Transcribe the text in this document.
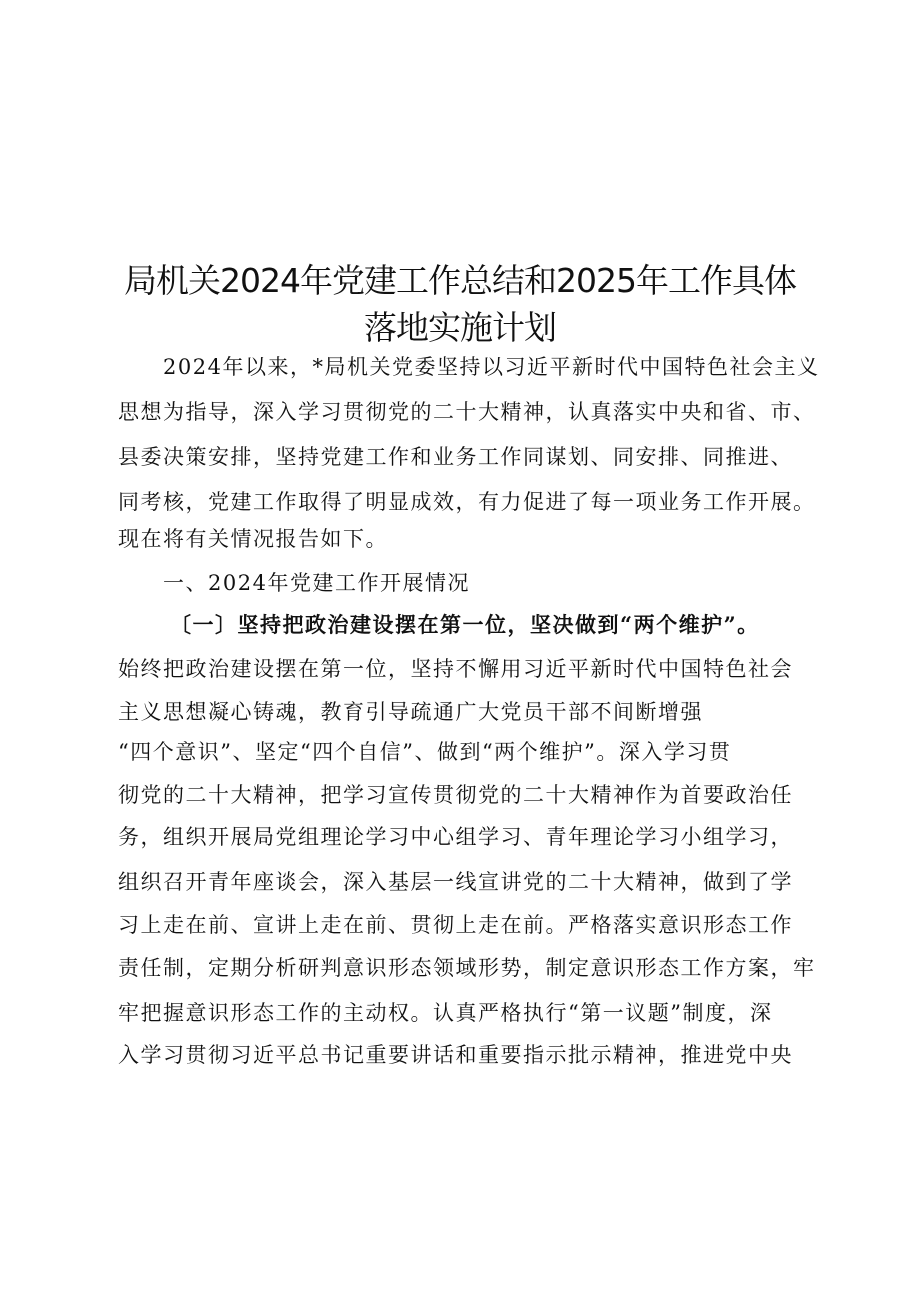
局机关2024年党建工作总结和2025年工作具体
落地实施计划

2024年以来，*局机关党委坚持以习近平新时代中国特色社会主义

思想为指导，深入学习贯彻党的二十大精神，认真落实中央和省、市、

县委决策安排，坚持党建工作和业务工作同谋划、同安排、同推进、

同考核，党建工作取得了明显成效，有力促进了每一项业务工作开展。

现在将有关情况报告如下。

一、2024年党建工作开展情况

〔一〕坚持把政治建设摆在第一位，坚决做到“两个维护”。

始终把政治建设摆在第一位，坚持不懈用习近平新时代中国特色社会

主义思想凝心铸魂，教育引导疏通广大党员干部不间断增强

“四个意识”、坚定“四个自信”、做到“两个维护”。深入学习贯

彻党的二十大精神，把学习宣传贯彻党的二十大精神作为首要政治任

务，组织开展局党组理论学习中心组学习、青年理论学习小组学习，

组织召开青年座谈会，深入基层一线宣讲党的二十大精神，做到了学

习上走在前、宣讲上走在前、贯彻上走在前。严格落实意识形态工作

责任制，定期分析研判意识形态领域形势，制定意识形态工作方案，牢

牢把握意识形态工作的主动权。认真严格执行“第一议题”制度，深

入学习贯彻习近平总书记重要讲话和重要指示批示精神，推进党中央
